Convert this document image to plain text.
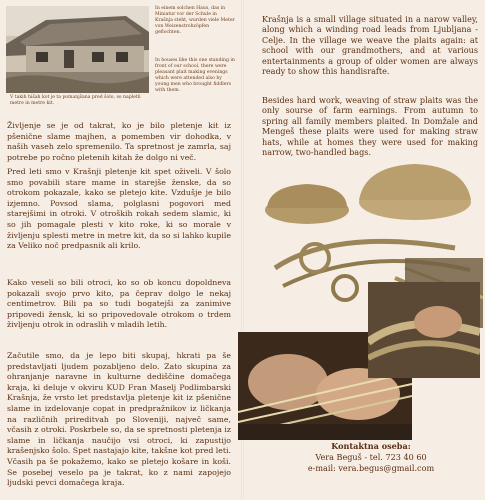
In einem solchen Haus, das in Miniatur vor der Schule in Krašnja steht, wurden viele Meter von Weizenstrohzöpfen geflochten.
In houses like this one standing in front of our school, there were pleasant plait making evenings which were attended also by young men who brought fiddlers with them.
V takih hišah kot je ta pomanjšana pred šolo, so napletli metre in metre kit.

Življenje se je od takrat, ko je bilo pletenje kit iz pšenične slame majhen, a pomemben vir dohodka, v naših vaseh zelo spremenilo. Ta spretnost je zamrla, saj potrebe po ročno pletenih kitah že dolgo ni več.

Pred leti smo v Krašnji pletenje kit spet oživeli. V šolo smo povabili stare mame in starejše ženske, da so otrokom pokazale, kako se pletejo kite. Vzdušje je bilo izjemno. Povsod slama, polglasni pogovori med starejšimi in otroki. V otroških rokah sedem slamic, ki so jih pomagale plesti v kito roke, ki so morale v življenju splesti metre in metre kit, da so si lahko kupile za Veliko noč predpasnik ali krilo.

Kako veseli so bili otroci, ko so ob koncu dopoldneva pokazali svojo prvo kito, pa čeprav dolgo le nekaj centimetrov. Bili pa so tudi bogatejši za zanimive pripovedi žensk, ki so pripovedovale otrokom o trdem življenju otrok in odraslih v mladih letih.

Začutile smo, da je lepo biti skupaj, hkrati pa še predstavljati ljudem pozabljeno delo. Zato skupina za ohranjanje naravne in kulturne dediščine domačega kraja, ki deluje v okviru KUD Fran Maselj Podlimbarski Krašnja, že vrsto let predstavlja pletenje kit iz pšenične slame in izdelovanje copat in predpražnikov iz ličkanja na različnih prireditvah po Sloveniji, največ same, včasih z otroki. Poskrbele so, da se spretnosti pletenja iz slame in ličkanja naučijo vsi otroci, ki zapustijo krašenjsko šolo. Spet nastajajo kite, takšne kot pred leti. Včasih pa še pokažemo, kako se pletejo košare in koši. Se posebej veselo pa je takrat, ko z nami zapojejo ljudski pevci domačega kraja.

Krašnja is a small village situated in a narow valley, along which a winding road leads from Ljubljana - Celje. In the village we weave the plaits again: at school with our grandmothers, and at various entertainments a group of older women are always ready to show this handisrafte.

Besides hard work, weaving of straw plaits was the only sourse of farm earnings. From autumn to spring all family members plaited. In Domžale and Mengeš these plaits were used for making straw hats, while at homes they were used for making narrow, two-handled bags.

Kontaktna oseba:
Vera Beguš - tel. 723 40 60
e-mail: vera.begus@gmail.com
